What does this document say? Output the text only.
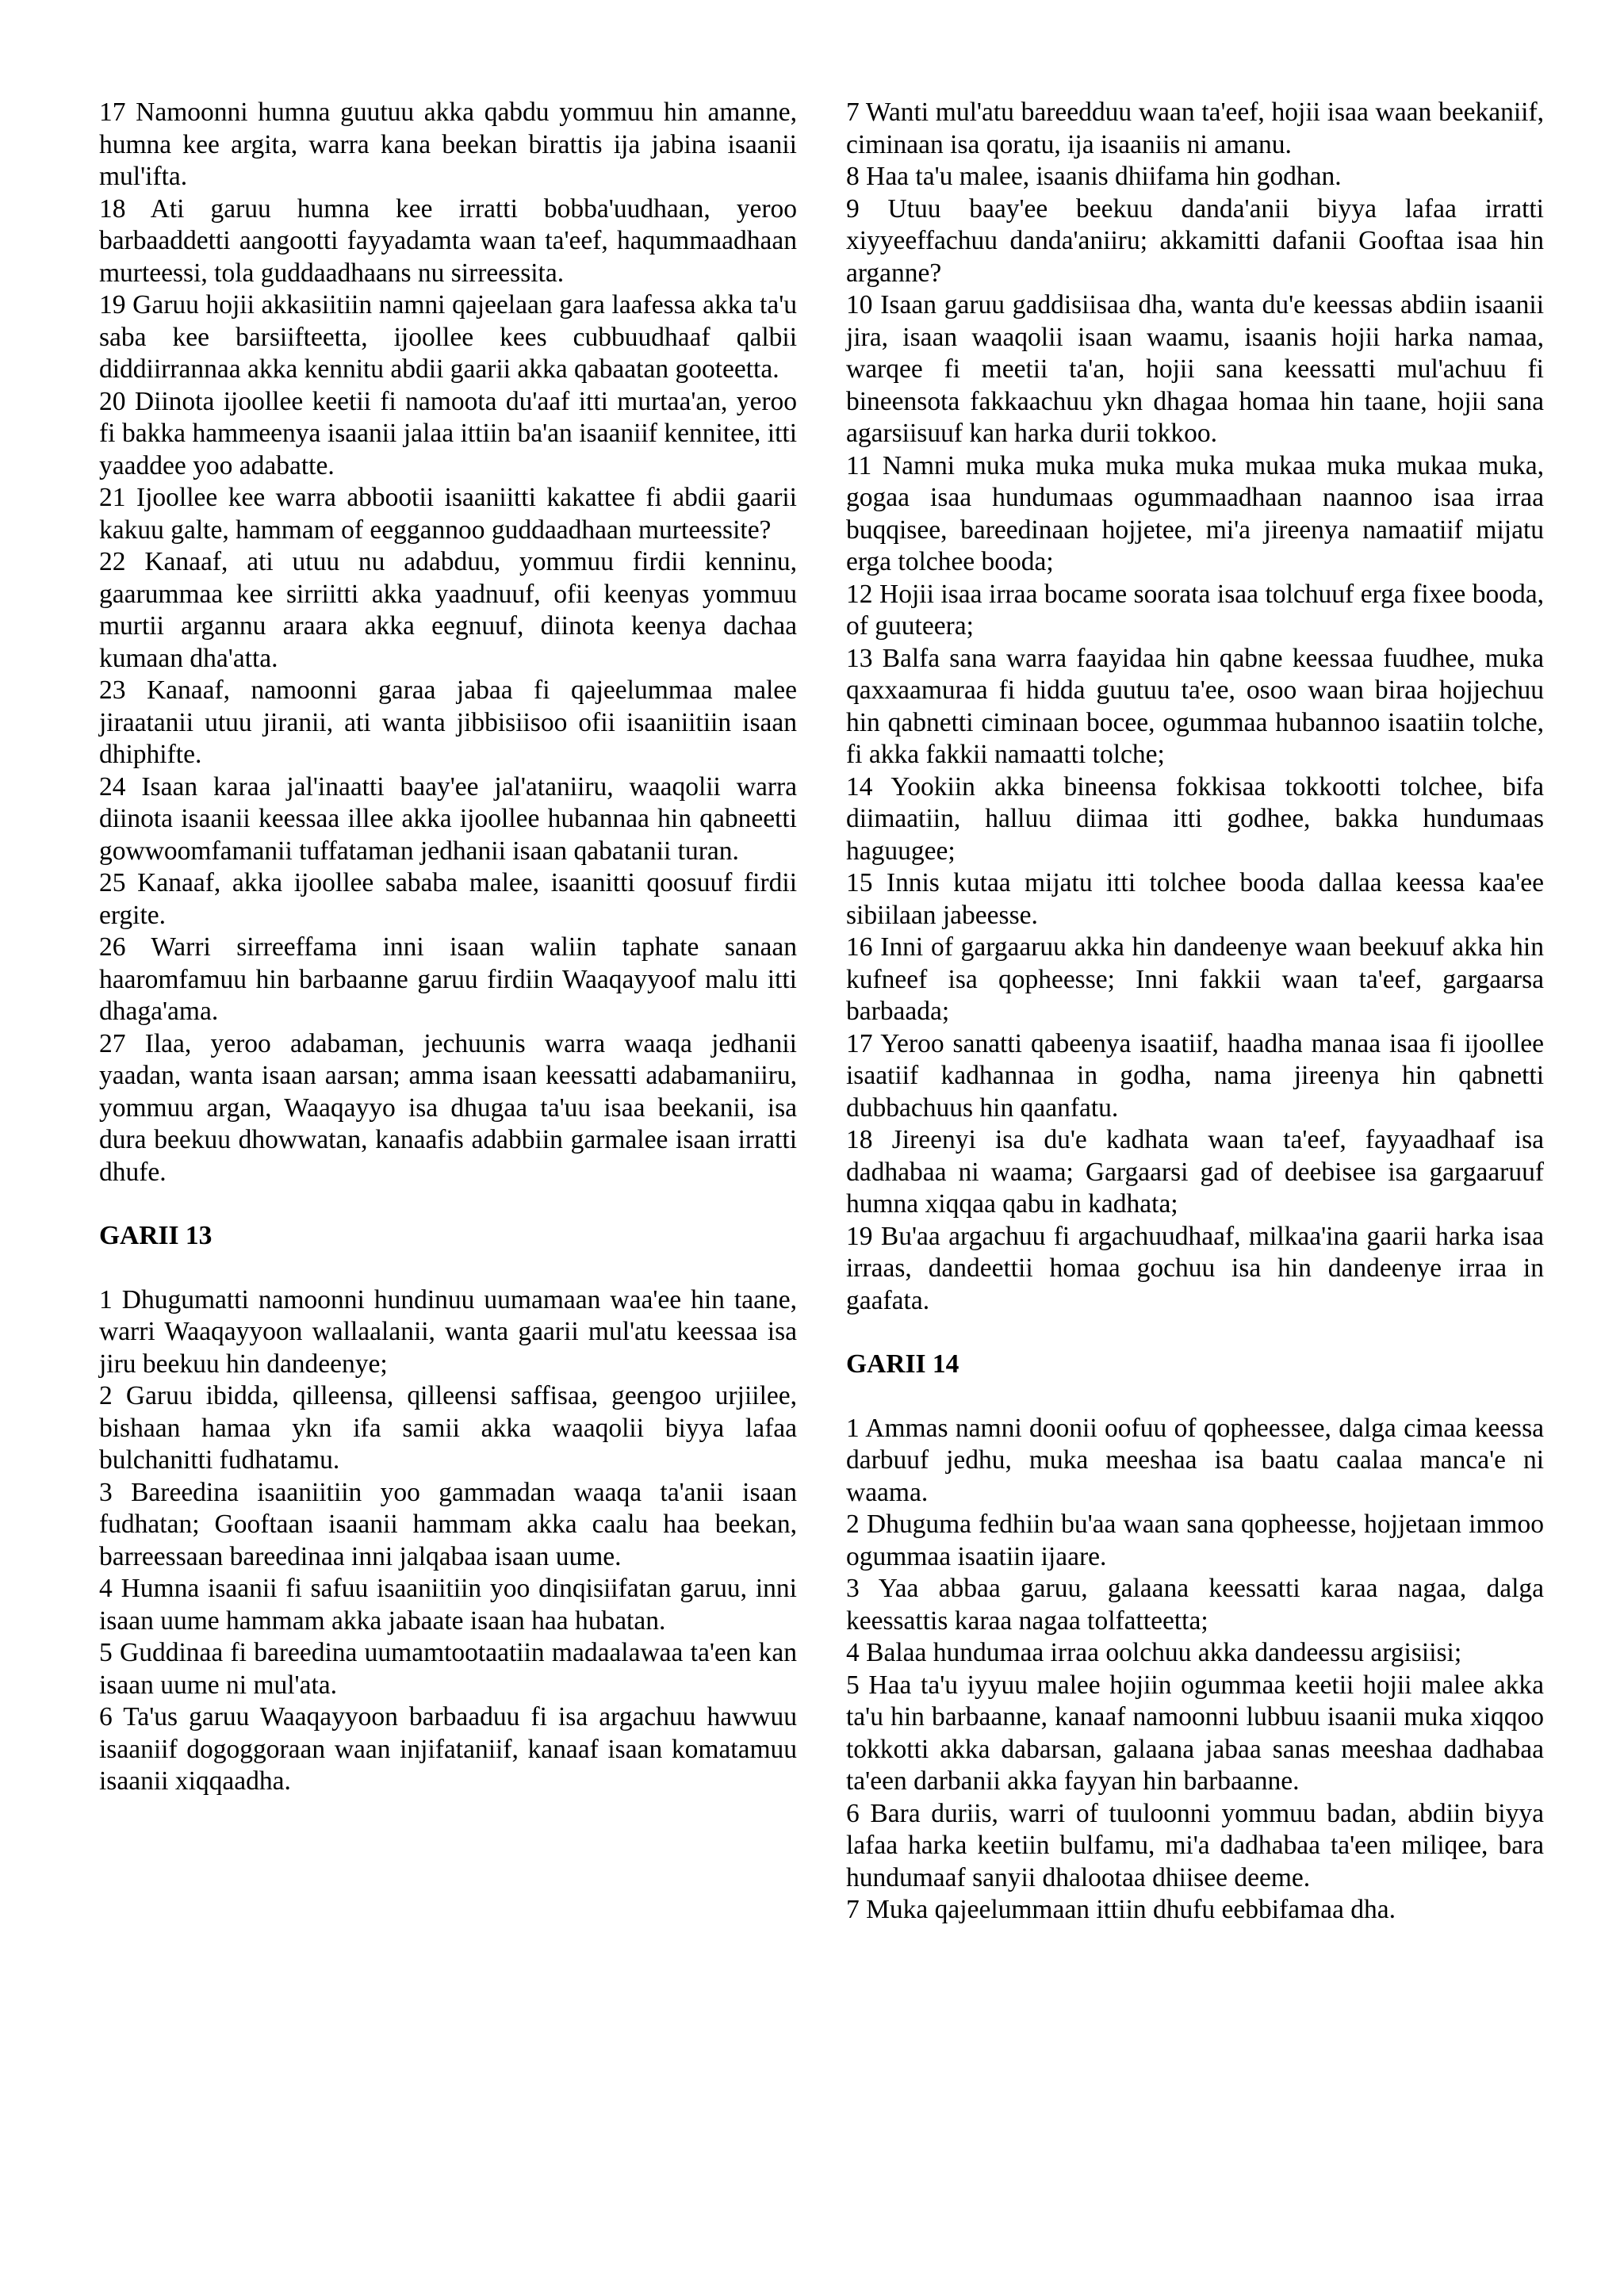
17 Namoonni humna guutuu akka qabdu yommuu hin amanne, humna kee argita, warra kana beekan birattis ija jabina isaanii mul'ifta.

18 Ati garuu humna kee irratti bobba'uudhaan, yeroo barbaaddetti aangootti fayyadamta waan ta'eef, haqummaadhaan murteessi, tola guddaadhaans nu sirreessita.

19 Garuu hojii akkasiitiin namni qajeelaan gara laafessa akka ta'u saba kee barsiifteetta, ijoollee kees cubbuudhaaf qalbii diddiirrannaa akka kennitu abdii gaarii akka qabaatan gooteetta.

20 Diinota ijoollee keetii fi namoota du'aaf itti murtaa'an, yeroo fi bakka hammeenya isaanii jalaa ittiin ba'an isaaniif kennitee, itti yaaddee yoo adabatte.

21 Ijoollee kee warra abbootii isaaniitti kakattee fi abdii gaarii kakuu galte, hammam of eeggannoo guddaadhaan murteessite?

22 Kanaaf, ati utuu nu adabduu, yommuu firdii kenninu, gaarummaa kee sirriitti akka yaadnuuf, ofii keenyas yommuu murtii argannu araara akka eegnuuf, diinota keenya dachaa kumaan dha'atta.

23 Kanaaf, namoonni garaa jabaa fi qajeelummaa malee jiraatanii utuu jiranii, ati wanta jibbisiisoo ofii isaaniitiin isaan dhiphifte.

24 Isaan karaa jal'inaatti baay'ee jal'ataniiru, waaqolii warra diinota isaanii keessaa illee akka ijoollee hubannaa hin qabneetti gowwoomfamanii tuffataman jedhanii isaan qabatanii turan.

25 Kanaaf, akka ijoollee sababa malee, isaanitti qoosuuf firdii ergite.

26 Warri sirreeffama inni isaan waliin taphate sanaan haaromfamuu hin barbaanne garuu firdiin Waaqayyoof malu itti dhaga'ama.

27 Ilaa, yeroo adabaman, jechuunis warra waaqa jedhanii yaadan, wanta isaan aarsan; amma isaan keessatti adabamaniiru, yommuu argan, Waaqayyo isa dhugaa ta'uu isaa beekanii, isa dura beekuu dhowwatan, kanaafis adabbiin garmalee isaan irratti dhufe.

GARII 13

1 Dhugumatti namoonni hundinuu uumamaan waa'ee hin taane, warri Waaqayyoon wallaalanii, wanta gaarii mul'atu keessaa isa jiru beekuu hin dandeenye;

2 Garuu ibidda, qilleensa, qilleensi saffisaa, geengoo urjiilee, bishaan hamaa ykn ifa samii akka waaqolii biyya lafaa bulchanitti fudhatamu.

3 Bareedina isaaniitiin yoo gammadan waaqa ta'anii isaan fudhatan; Gooftaan isaanii hammam akka caalu haa beekan, barreessaan bareedinaa inni jalqabaa isaan uume.

4 Humna isaanii fi safuu isaaniitiin yoo dinqisiifatan garuu, inni isaan uume hammam akka jabaate isaan haa hubatan.

5 Guddinaa fi bareedina uumamtootaatiin madaalawaa ta'een kan isaan uume ni mul'ata.

6 Ta'us garuu Waaqayyoon barbaaduu fi isa argachuu hawwuu isaaniif dogoggoraan waan injifataniif, kanaaf isaan komatamuu isaanii xiqqaadha.

7 Wanti mul'atu bareedduu waan ta'eef, hojii isaa waan beekaniif, ciminaan isa qoratu, ija isaaniis ni amanu.

8 Haa ta'u malee, isaanis dhiifama hin godhan.

9 Utuu baay'ee beekuu danda'anii biyya lafaa irratti xiyyeeffachuu danda'aniiru; akkamitti dafanii Gooftaa isaa hin arganne?

10 Isaan garuu gaddisiisaa dha, wanta du'e keessas abdiin isaanii jira, isaan waaqolii isaan waamu, isaanis hojii harka namaa, warqee fi meetii ta'an, hojii sana keessatti mul'achuu fi bineensota fakkaachuu ykn dhagaa homaa hin taane, hojii sana agarsiisuuf kan harka durii tokkoo.

11 Namni muka muka muka muka mukaa muka mukaa muka, gogaa isaa hundumaas ogummaadhaan naannoo isaa irraa buqqisee, bareedinaan hojjetee, mi'a jireenya namaatiif mijatu erga tolchee booda;

12 Hojii isaa irraa bocame soorata isaa tolchuuf erga fixee booda, of guuteera;

13 Balfa sana warra faayidaa hin qabne keessaa fuudhee, muka qaxxaamuraa fi hidda guutuu ta'ee, osoo waan biraa hojjechuu hin qabnetti ciminaan bocee, ogummaa hubannoo isaatiin tolche, fi akka fakkii namaatti tolche;

14 Yookiin akka bineensa fokkisaa tokkootti tolchee, bifa diimaatiin, halluu diimaa itti godhee, bakka hundumaas haguugee;

15 Innis kutaa mijatu itti tolchee booda dallaa keessa kaa'ee sibiilaan jabeesse.

16 Inni of gargaaruu akka hin dandeenye waan beekuuf akka hin kufneef isa qopheesse; Inni fakkii waan ta'eef, gargaarsa barbaada;

17 Yeroo sanatti qabeenya isaatiif, haadha manaa isaa fi ijoollee isaatiif kadhannaa in godha, nama jireenya hin qabnetti dubbachuus hin qaanfatu.

18 Jireenyi isa du'e kadhata waan ta'eef, fayyaadhaaf isa dadhabaa ni waama; Gargaarsi gad of deebisee isa gargaaruuf humna xiqqaa qabu in kadhata;

19 Bu'aa argachuu fi argachuudhaaf, milkaa'ina gaarii harka isaa irraas, dandeettii homaa gochuu isa hin dandeenye irraa in gaafata.

GARII 14

1 Ammas namni doonii oofuu of qopheessee, dalga cimaa keessa darbuuf jedhu, muka meeshaa isa baatu caalaa manca'e ni waama.

2 Dhuguma fedhiin bu'aa waan sana qopheesse, hojjetaan immoo ogummaa isaatiin ijaare.

3 Yaa abbaa garuu, galaana keessatti karaa nagaa, dalga keessattis karaa nagaa tolfatteetta;

4 Balaa hundumaa irraa oolchuu akka dandeessu argisiisi;

5 Haa ta'u iyyuu malee hojiin ogummaa keetii hojii malee akka ta'u hin barbaanne, kanaaf namoonni lubbuu isaanii muka xiqqoo tokkotti akka dabarsan, galaana jabaa sanas meeshaa dadhabaa ta'een darbanii akka fayyan hin barbaanne.

6 Bara duriis, warri of tuuloonni yommuu badan, abdiin biyya lafaa harka keetiin bulfamu, mi'a dadhabaa ta'een miliqee, bara hundumaaf sanyii dhalootaa dhiisee deeme.

7 Muka qajeelummaan ittiin dhufu eebbifamaa dha.
